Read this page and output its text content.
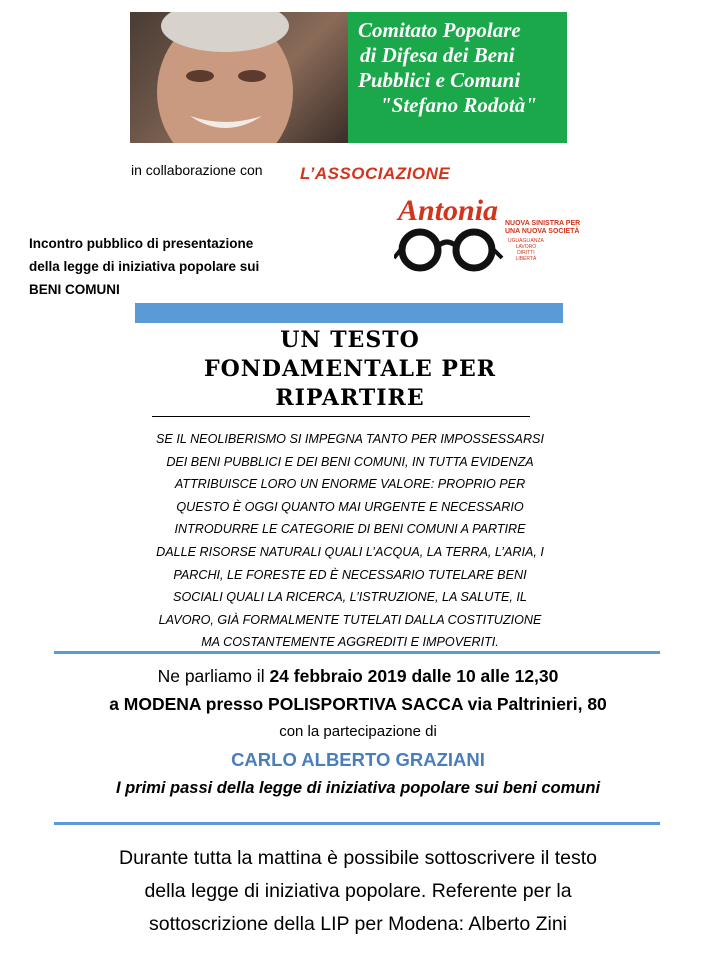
Comitato Popolare
di Difesa dei Beni
Pubblici e Comuni
"Stefano Rodotà"
in collaborazione con L’ASSOCIAZIONE
Antonia NUOVA SINISTRA PER
UNA NUOVA SOCIETÀ
UGUAGLIANZA
LAVORO
DIRITTI
LIBERTÀ
Incontro pubblico di presentazione
della legge di iniziativa popolare sui
BENI COMUNI
UN TESTO
FONDAMENTALE PER
RIPARTIRE
SE IL NEOLIBERISMO SI IMPEGNA TANTO PER IMPOSSESSARSI
DEI BENI PUBBLICI E DEI BENI COMUNI, IN TUTTA EVIDENZA
ATTRIBUISCE LORO UN ENORME VALORE: PROPRIO PER
QUESTO È OGGI QUANTO MAI URGENTE E NECESSARIO
INTRODURRE LE CATEGORIE DI BENI COMUNI A PARTIRE
DALLE RISORSE NATURALI QUALI L’ACQUA, LA TERRA, L’ARIA, I
PARCHI, LE FORESTE ED È NECESSARIO TUTELARE BENI
SOCIALI QUALI LA RICERCA, L’ISTRUZIONE, LA SALUTE, IL
LAVORO, GIÀ FORMALMENTE TUTELATI DALLA COSTITUZIONE
MA COSTANTEMENTE AGGREDITI E IMPOVERITI.
Ne parliamo il 24 febbraio 2019 dalle 10 alle 12,30
a MODENA presso POLISPORTIVA SACCA via Paltrinieri, 80
con la partecipazione di
CARLO ALBERTO GRAZIANI
I primi passi della legge di iniziativa popolare sui beni comuni
Durante tutta la mattina è possibile sottoscrivere il testo
della legge di iniziativa popolare. Referente per la
sottoscrizione della LIP per Modena: Alberto Zini
